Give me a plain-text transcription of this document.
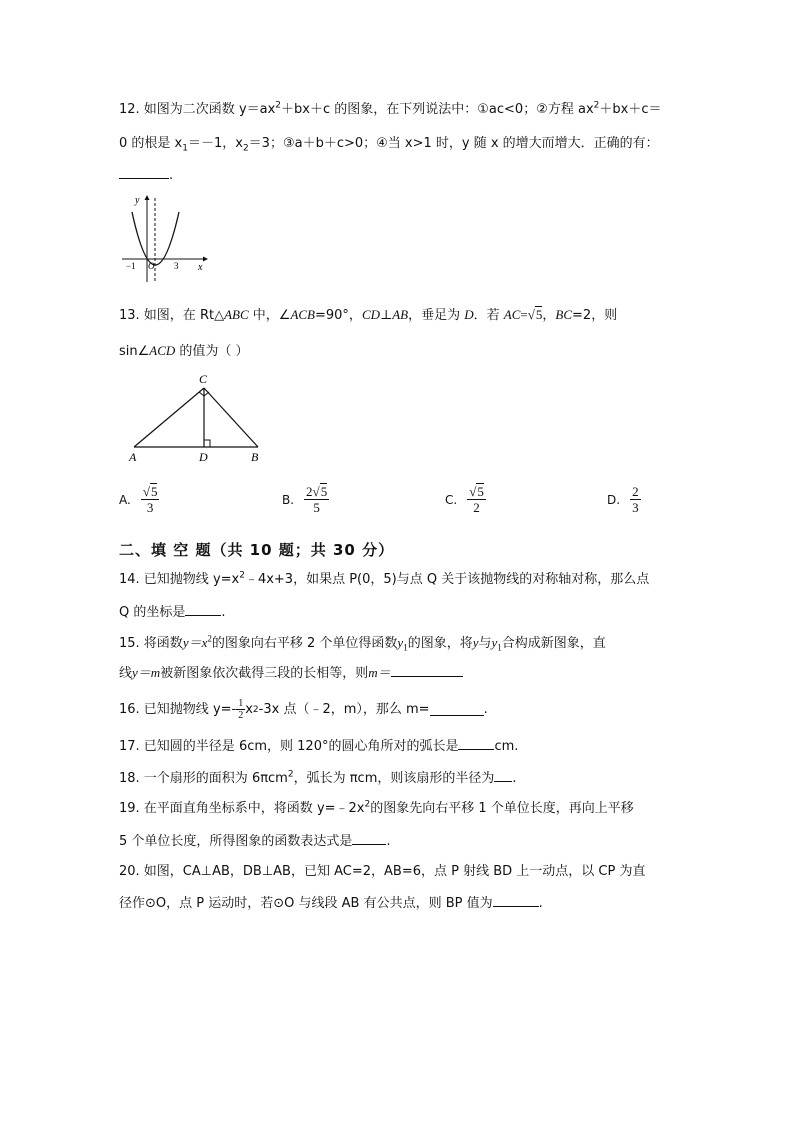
12. 如图为二次函数 $y=ax^2+bx+c$ 的图象，在下列说法中：①ac<0；②方程 $ax^2+bx+c=$
0 的根是 $x_1=-1$，$x_2=3$；③a＋b＋c>0；④当 x>1 时，y 随 x 的增大而增大．正确的有：
.
y
x
−1 O 3
13. 如图，在 Rt△ABC 中，∠ACB=90°，CD⊥AB，垂足为 D．若 AC=√5，BC=2，则
sin∠ACD 的值为（ ）
C
A	D	B
A. $\frac{√5}{3}$	B. $\frac{2√5}{5}$	C. $\frac{√5}{2}$	D. $\frac{2}{3}$
二、填 空 题（共 10 题；共 30 分）
14. 已知抛物线 $y=x^2﹣4x+3$，如果点 P(0，5)与点 Q 关于该抛物线的对称轴对称，那么点
Q 的坐标是	.
15. 将函数$y=x^2$的图象向右平移 2 个单位得函数$y_1$的图象，将y与$y_1$合构成新图象，直
线y＝m被新图象依次截得三段的长相等，则m＝
16. 已知抛物线 $y=- \frac{1}{2}$ x 2 -3x 点（﹣2，m），那么 m=	.
17. 已知圆的半径是 6cm，则 120°的圆心角所对的弧长是	cm.
18. 一个扇形的面积为 6πcm$^2$，弧长为 πcm，则该扇形的半径为 .
19. 在平面直角坐标系中，将函数 $y=﹣2x^2$的图象先向右平移 1 个单位长度，再向上平移
5 个单位长度，所得图象的函数表达式是	.
20. 如图，CA⊥AB，DB⊥AB，已知 AC=2，AB=6，点 P 射线 BD 上一动点，以 CP 为直
径作⊙O，点 P 运动时，若⊙O 与线段 AB 有公共点，则 BP 值为	.
